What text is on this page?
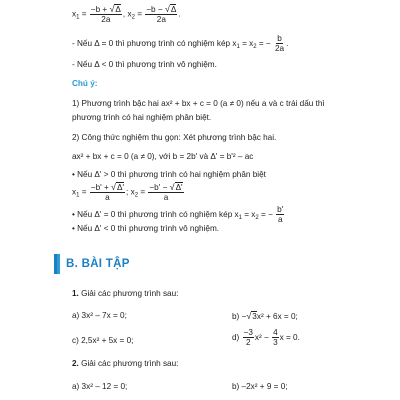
$x_1 = \frac{-b + √\Delta}{2a}$ , $x_2 = \frac{-b - √\Delta}{2a}$ .
- Nếu Δ = 0 thì phương trình có nghiệm kép $x_1 = x_2$ = − $\frac{b}{2a}$ .
- Nếu Δ < 0 thì phương trình vô nghiệm.
Chú ý:
1) Phương trình bậc hai ax² + bx + c = 0 (a ≠ 0) nếu a và c trái dấu thì
phương trình có hai nghiệm phân biệt.
2) Công thức nghiệm thu gọn: Xét phương trình bậc hai.
ax² + bx + c = 0 (a ≠ 0), với b = 2b' và Δ' = b'² – ac
• Nếu Δ' > 0 thì phương trình có hai nghiệm phân biệt
$x_1 = \frac{-b' + √\Delta'}{a}$ ; $x_2 = \frac{-b' - √\Delta'}{a}$
• Nếu Δ' = 0 thì phương trình có nghiệm kép $x_1 = x_2$ = − $\frac{b'}{a}$
• Nếu Δ' < 0 thì phương trình vô nghiệm.
B. BÀI TẬP
1. Giải các phương trình sau:
a) 3x² – 7x = 0;	b) −√3x² + 6x = 0;
c) 2,5x² + 5x = 0;	$d) \frac{-3}{2} x^2 - \frac{4}{3}$ x = 0.
2. Giải các phương trình sau:
a) 3x² – 12 = 0;	b) –2x² + 9 = 0;
